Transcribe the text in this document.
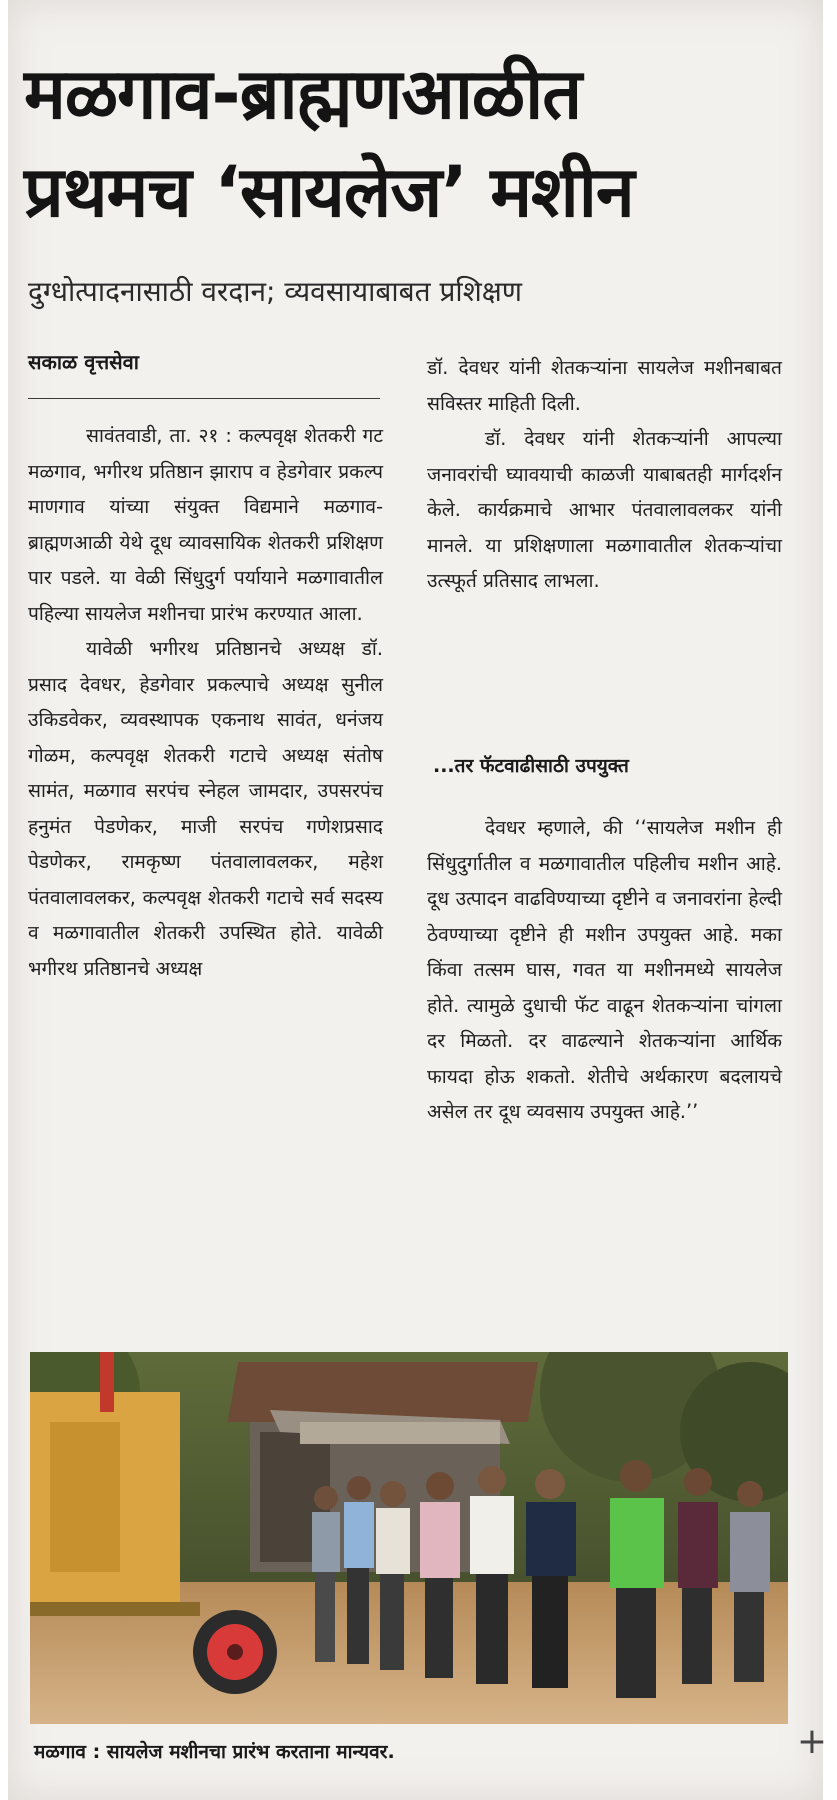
मळगाव-ब्राह्मणआळीत
प्रथमच ‘सायलेज’ मशीन
दुग्धोत्पादनासाठी वरदान; व्यवसायाबाबत प्रशिक्षण
सकाळ वृत्तसेवा

सावंतवाडी, ता. २१ : कल्पवृक्ष शेतकरी गट मळगाव, भगीरथ प्रतिष्ठान झाराप व हेडगेवार प्रकल्प माणगाव यांच्या संयुक्त विद्यमाने मळगाव-ब्राह्मणआळी येथे दूध व्यावसायिक शेतकरी प्रशिक्षण पार पडले. या वेळी सिंधुदुर्ग पर्यायाने मळगावातील पहिल्या सायलेज मशीनचा प्रारंभ करण्यात आला.

यावेळी भगीरथ प्रतिष्ठानचे अध्यक्ष डॉ. प्रसाद देवधर, हेडगेवार प्रकल्पाचे अध्यक्ष सुनील उकिडवेकर, व्यवस्थापक एकनाथ सावंत, धनंजय गोळम, कल्पवृक्ष शेतकरी गटाचे अध्यक्ष संतोष सामंत, मळगाव सरपंच स्नेहल जामदार, उपसरपंच हनुमंत पेडणेकर, माजी सरपंच गणेशप्रसाद पेडणेकर, रामकृष्ण पंतवालावलकर, महेश पंतवालावलकर, कल्पवृक्ष शेतकरी गटाचे सर्व सदस्य व मळगावातील शेतकरी उपस्थित होते. यावेळी भगीरथ प्रतिष्ठानचे अध्यक्ष

डॉ. देवधर यांनी शेतकऱ्यांना सायलेज मशीनबाबत सविस्तर माहिती दिली.

डॉ. देवधर यांनी शेतकऱ्यांनी आपल्या जनावरांची घ्यावयाची काळजी याबाबतही मार्गदर्शन केले. कार्यक्रमाचे आभार पंतवालावलकर यांनी मानले. या प्रशिक्षणाला मळगावातील शेतकऱ्यांचा उत्स्फूर्त प्रतिसाद लाभला.

...तर फॅटवाढीसाठी उपयुक्त

देवधर म्हणाले, की ‘‘सायलेज मशीन ही सिंधुदुर्गातील व मळगावातील पहिलीच मशीन आहे. दूध उत्पादन वाढविण्याच्या दृष्टीने व जनावरांना हेल्दी ठेवण्याच्या दृष्टीने ही मशीन उपयुक्त आहे. मका किंवा तत्सम घास, गवत या मशीनमध्ये सायलेज होते. त्यामुळे दुधाची फॅट वाढून शेतकऱ्यांना चांगला दर मिळतो. दर वाढल्याने शेतकऱ्यांना आर्थिक फायदा होऊ शकतो. शेतीचे अर्थकारण बदलायचे असेल तर दूध व्यवसाय उपयुक्त आहे.’’

मळगाव : सायलेज मशीनचा प्रारंभ करताना मान्यवर.	+
